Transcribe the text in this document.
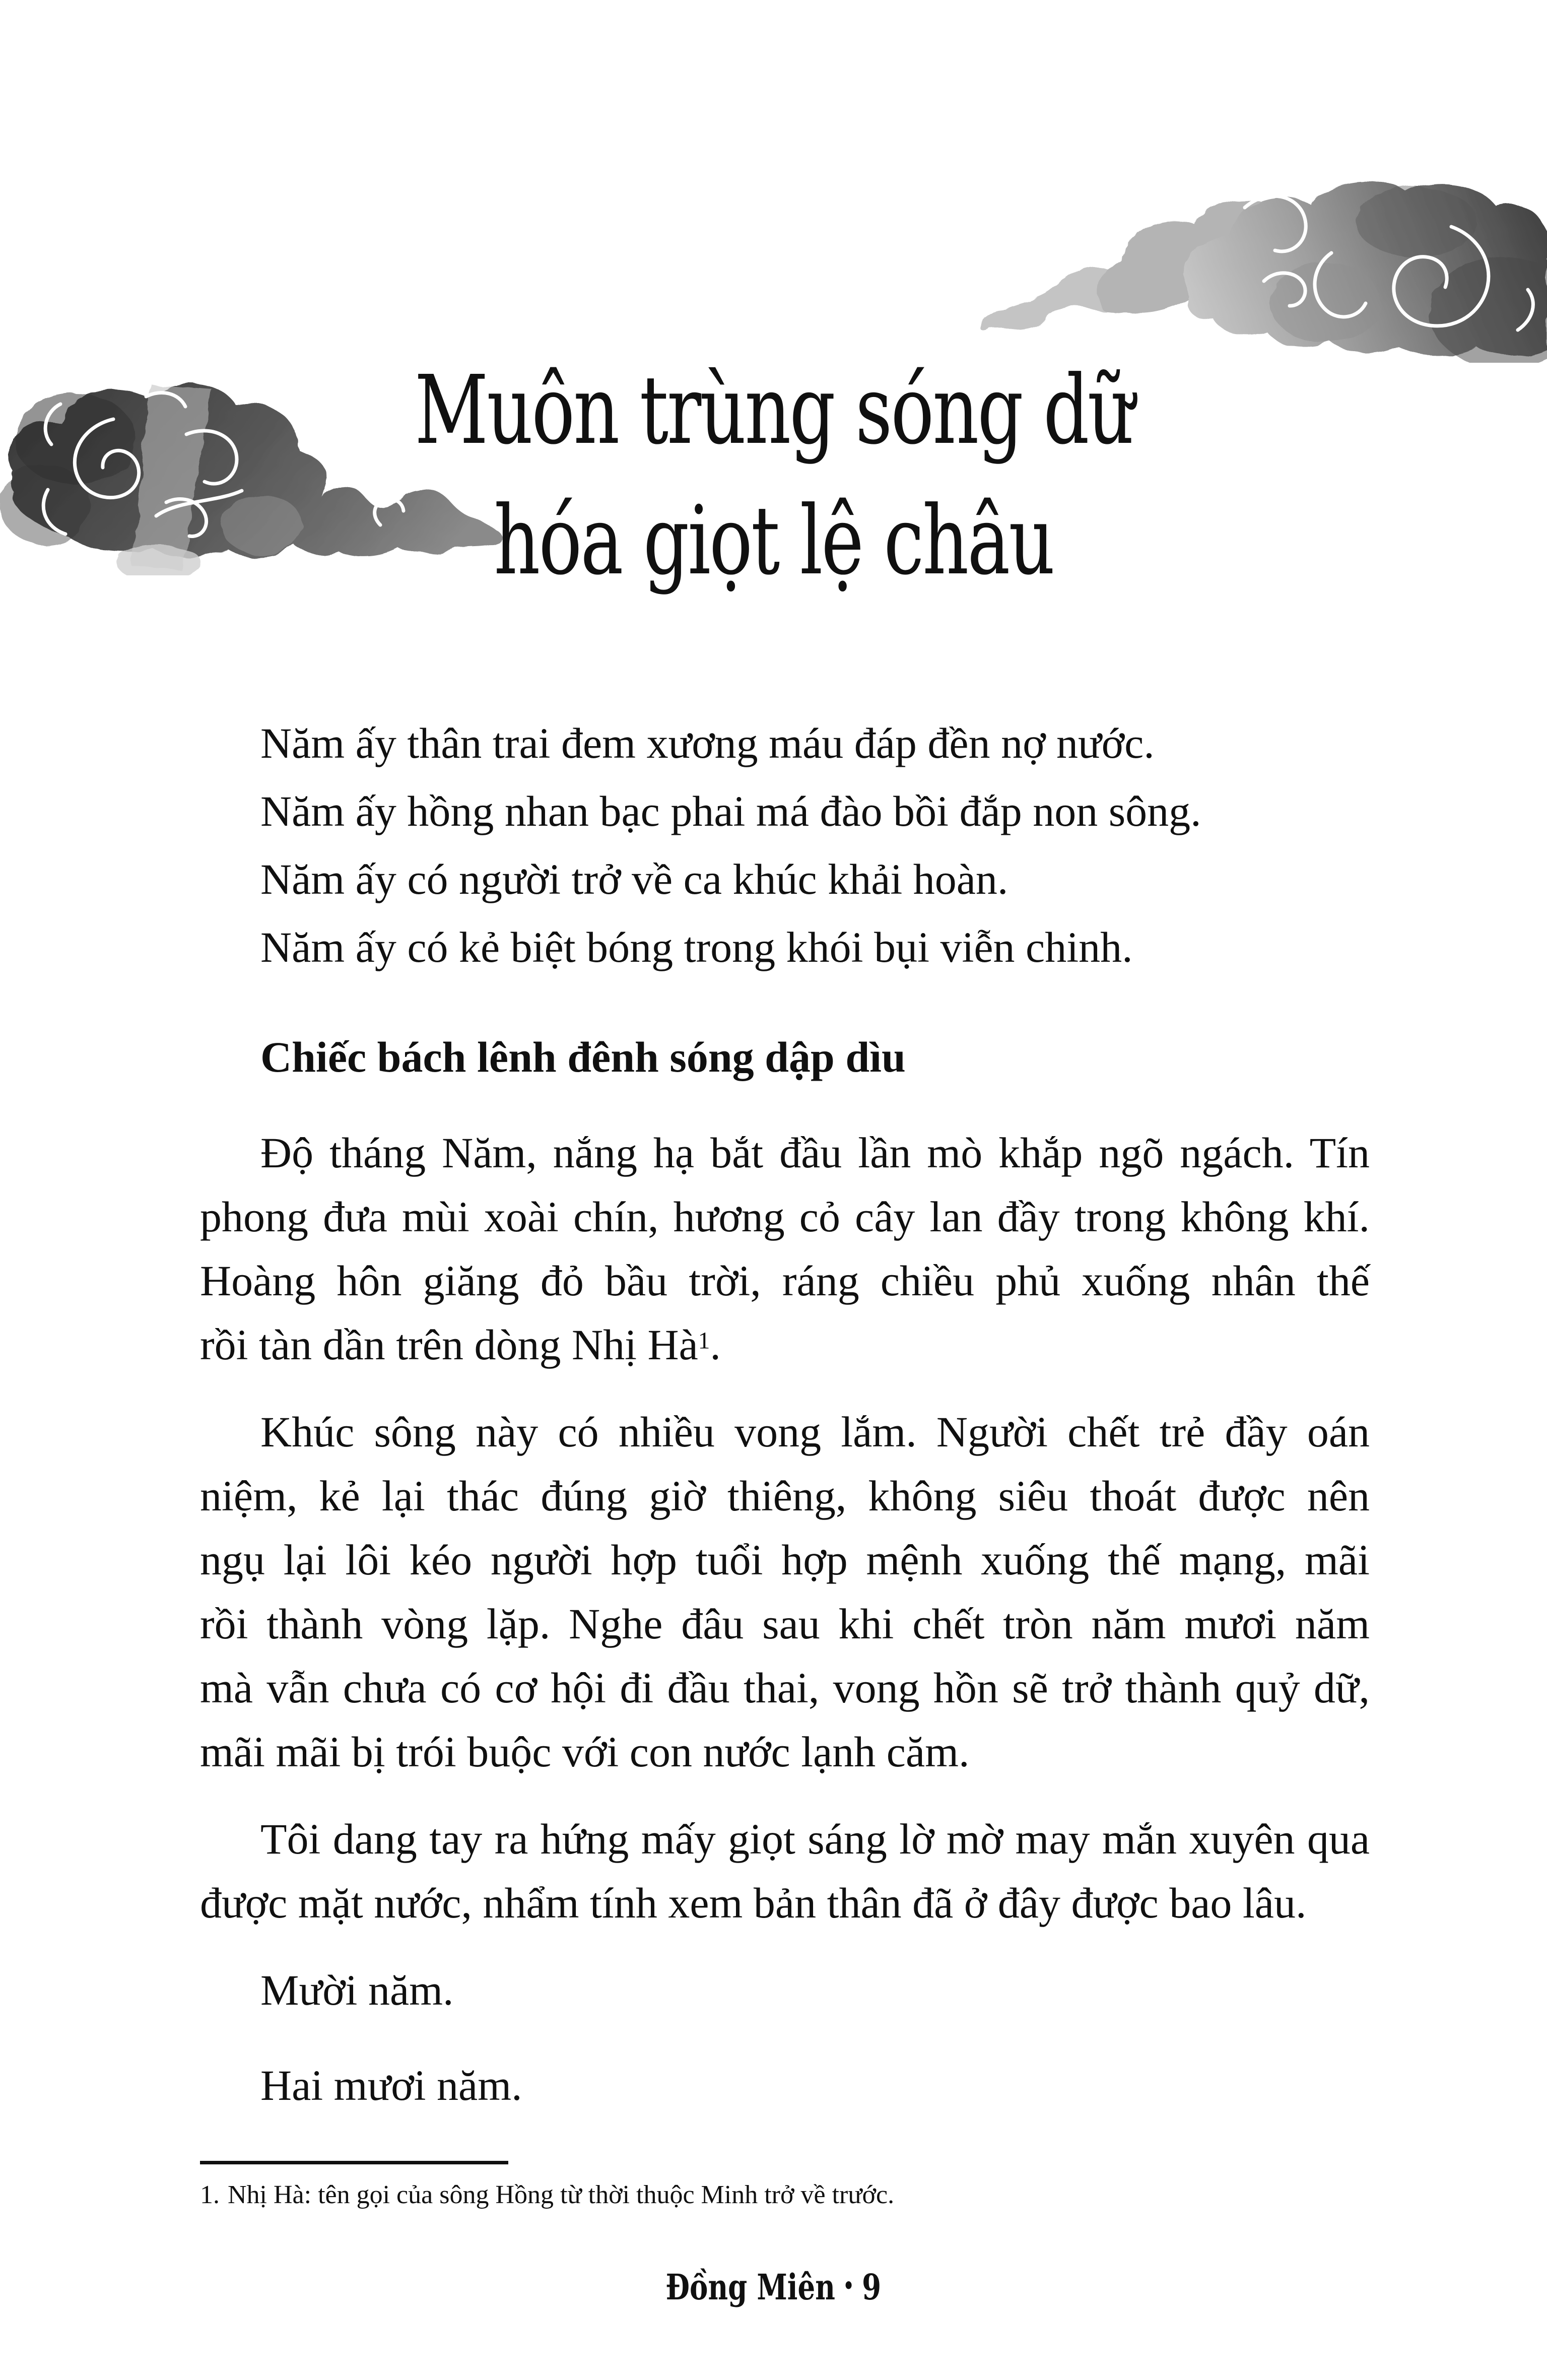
Muôn trùng sóng dữ
hóa giọt lệ châu

Năm ấy thân trai đem xương máu đáp đền nợ nước.

Năm ấy hồng nhan bạc phai má đào bồi đắp non sông.

Năm ấy có người trở về ca khúc khải hoàn.

Năm ấy có kẻ biệt bóng trong khói bụi viễn chinh.

Chiếc bách lênh đênh sóng dập dìu
Độ tháng Năm, nắng hạ bắt đầu lần mò khắp ngõ ngách. Tín
phong đưa mùi xoài chín, hương cỏ cây lan đầy trong không khí.
Hoàng hôn giăng đỏ bầu trời, ráng chiều phủ xuống nhân thế
rồi tàn dần trên dòng Nhị Hà$^1$.
Khúc sông này có nhiều vong lắm. Người chết trẻ đầy oán
niệm, kẻ lại thác đúng giờ thiêng, không siêu thoát được nên
ngụ lại lôi kéo người hợp tuổi hợp mệnh xuống thế mạng, mãi
rồi thành vòng lặp. Nghe đâu sau khi chết tròn năm mươi năm
mà vẫn chưa có cơ hội đi đầu thai, vong hồn sẽ trở thành quỷ dữ,
mãi mãi bị trói buộc với con nước lạnh căm.
Tôi dang tay ra hứng mấy giọt sáng lờ mờ may mắn xuyên qua
được mặt nước, nhẩm tính xem bản thân đã ở đây được bao lâu.

Mười năm.

Hai mươi năm.

1. Nhị Hà: tên gọi của sông Hồng từ thời thuộc Minh trở về trước.

Đồng Miên • 9
